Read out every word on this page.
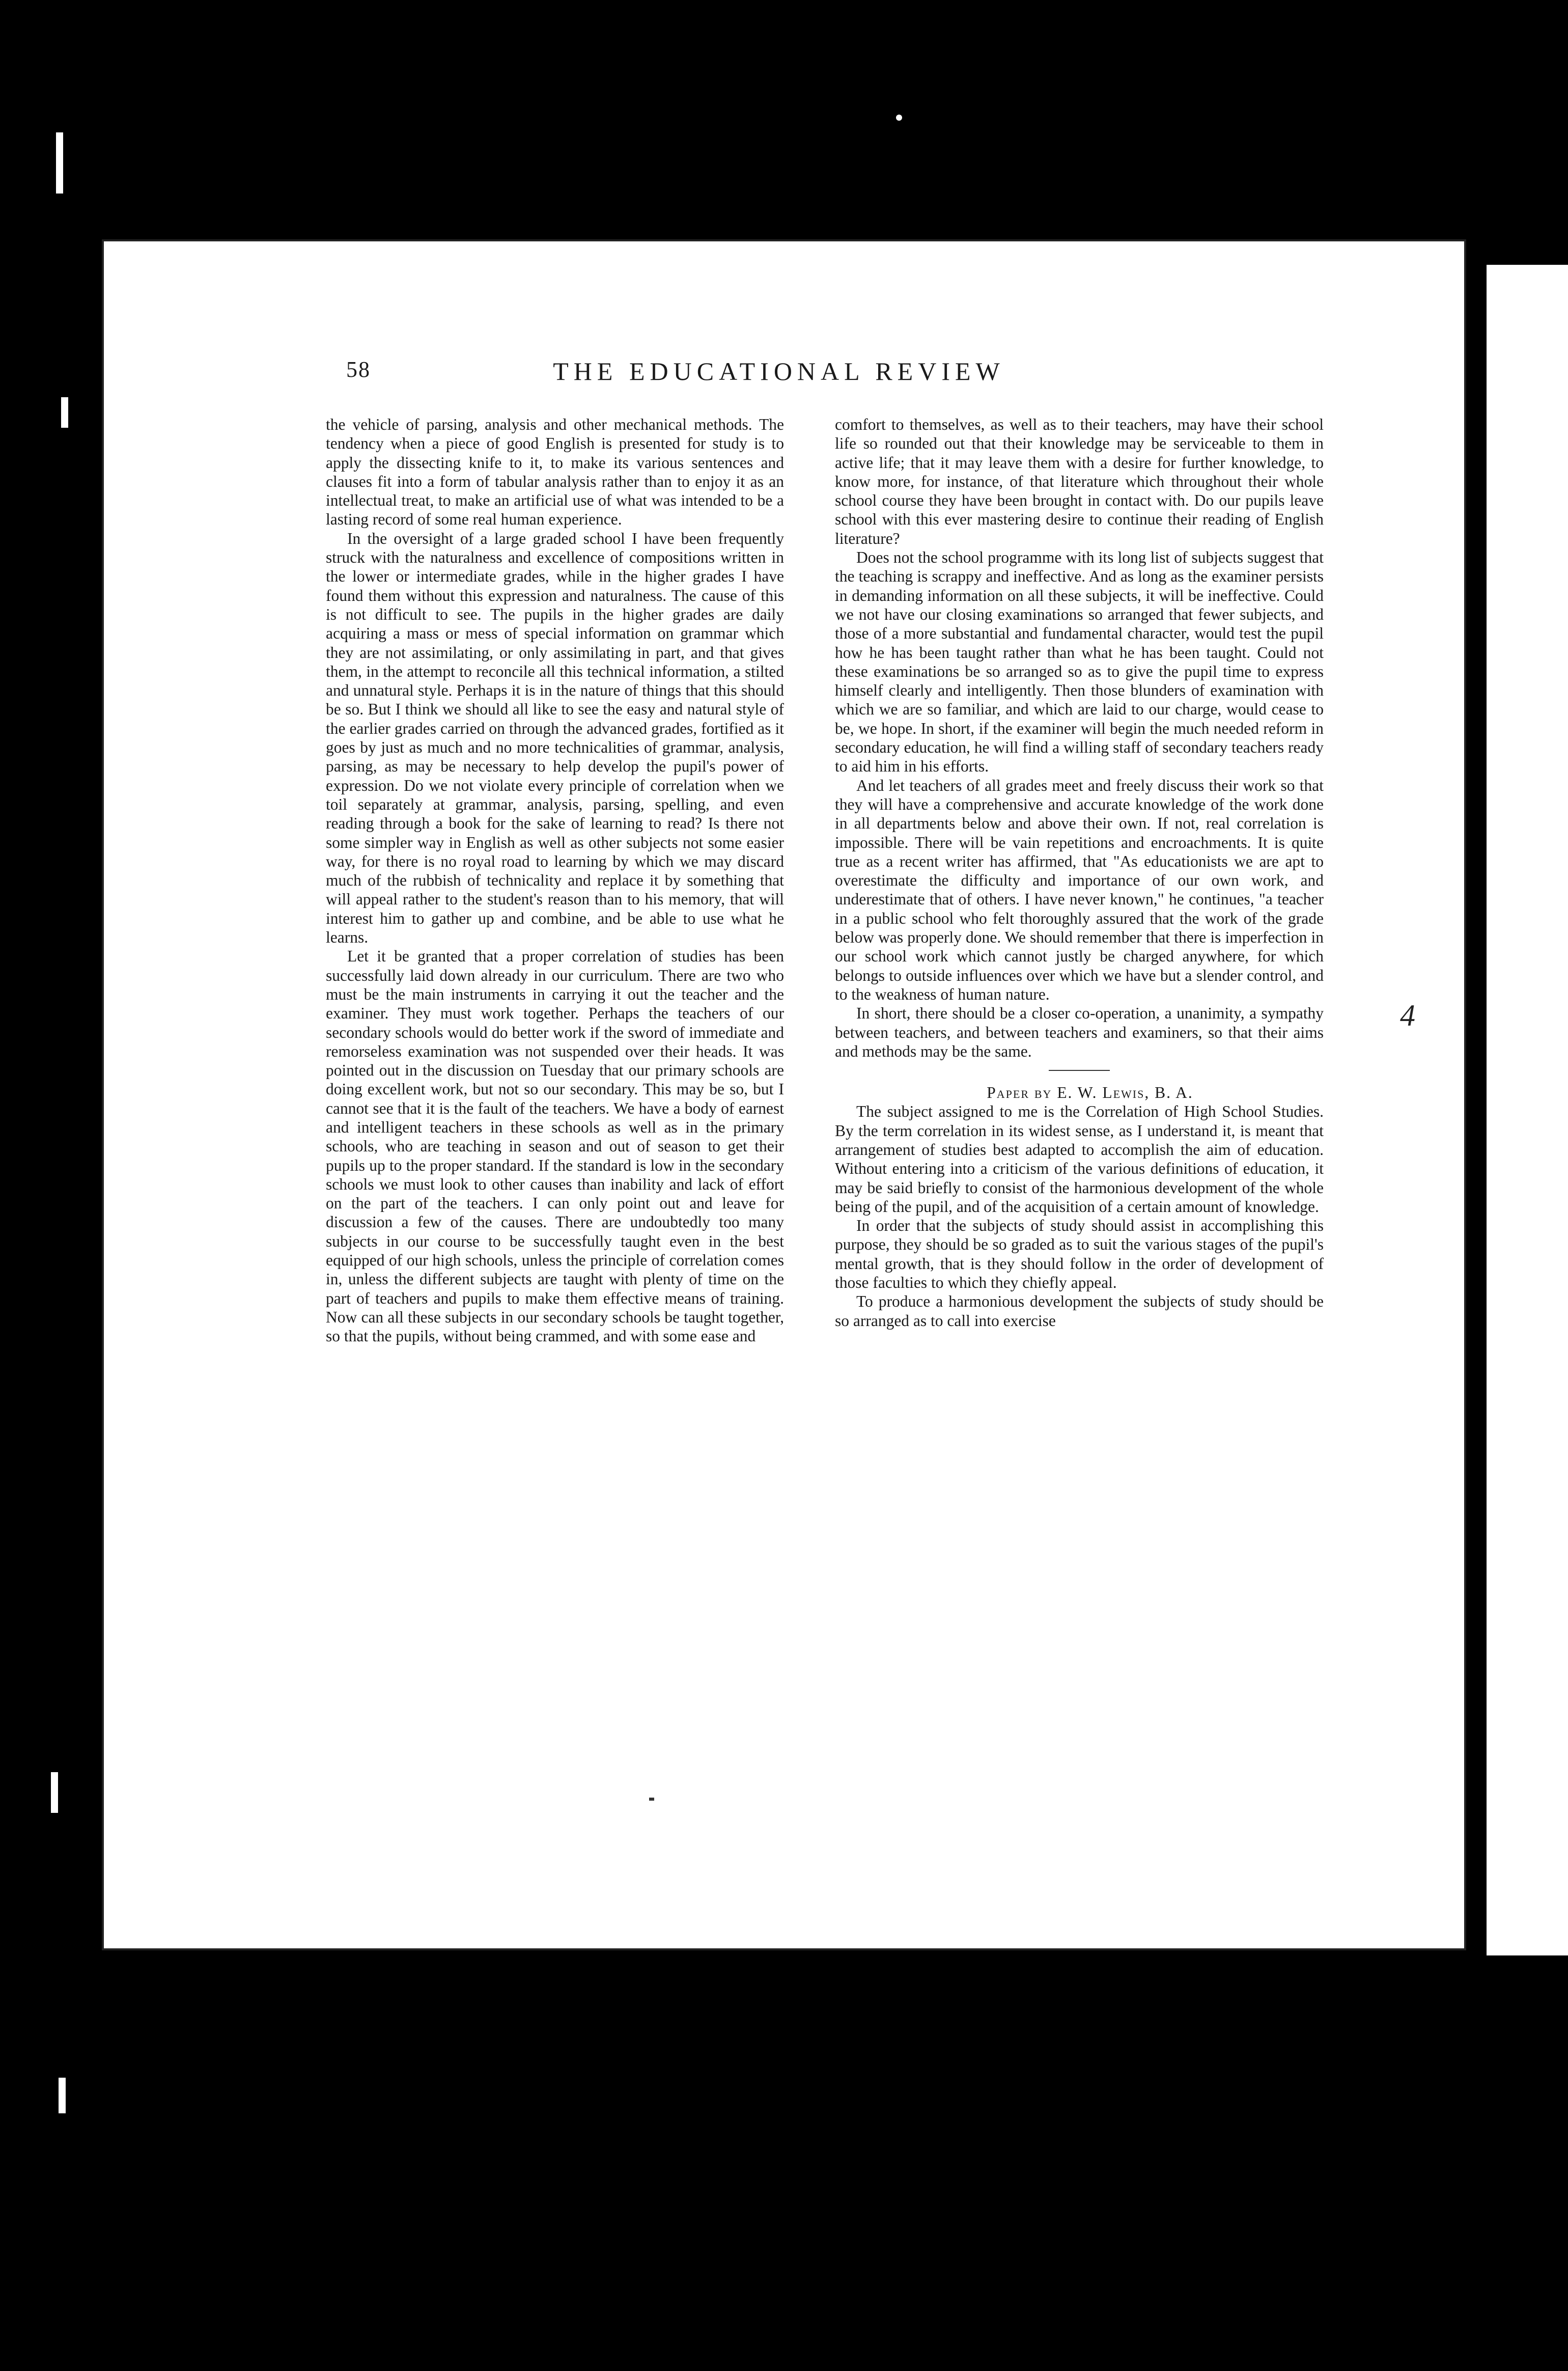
58	THE EDUCATIONAL REVIEW
4

the vehicle of parsing, analysis and other mechanical methods. The tendency when a piece of good English is presented for study is to apply the dissecting knife to it, to make its various sentences and clauses fit into a form of tabular analysis rather than to enjoy it as an intellectual treat, to make an artificial use of what was intended to be a lasting record of some real human experience.

In the oversight of a large graded school I have been frequently struck with the naturalness and excellence of compositions written in the lower or intermediate grades, while in the higher grades I have found them without this expression and naturalness. The cause of this is not difficult to see. The pupils in the higher grades are daily acquiring a mass or mess of special information on grammar which they are not assimilating, or only assimilating in part, and that gives them, in the attempt to reconcile all this technical information, a stilted and unnatural style. Perhaps it is in the nature of things that this should be so. But I think we should all like to see the easy and natural style of the earlier grades carried on through the advanced grades, fortified as it goes by just as much and no more technicalities of grammar, analysis, parsing, as may be necessary to help develop the pupil's power of expression. Do we not violate every principle of correlation when we toil separately at grammar, analysis, parsing, spelling, and even reading through a book for the sake of learning to read? Is there not some simpler way in English as well as other subjects not some easier way, for there is no royal road to learning by which we may discard much of the rubbish of technicality and replace it by something that will appeal rather to the student's reason than to his memory, that will interest him to gather up and combine, and be able to use what he learns.

Let it be granted that a proper correlation of studies has been successfully laid down already in our curriculum. There are two who must be the main instruments in carrying it out the teacher and the examiner. They must work together. Perhaps the teachers of our secondary schools would do better work if the sword of immediate and remorseless examination was not suspended over their heads. It was pointed out in the discussion on Tuesday that our primary schools are doing excellent work, but not so our secondary. This may be so, but I cannot see that it is the fault of the teachers. We have a body of earnest and intelligent teachers in these schools as well as in the primary schools, who are teaching in season and out of season to get their pupils up to the proper standard. If the standard is low in the secondary schools we must look to other causes than inability and lack of effort on the part of the teachers. I can only point out and leave for discussion a few of the causes. There are undoubtedly too many subjects in our course to be successfully taught even in the best equipped of our high schools, unless the principle of correlation comes in, unless the different subjects are taught with plenty of time on the part of teachers and pupils to make them effective means of training. Now can all these subjects in our secondary schools be taught together, so that the pupils, without being crammed, and with some ease and

comfort to themselves, as well as to their teachers, may have their school life so rounded out that their knowledge may be serviceable to them in active life; that it may leave them with a desire for further knowledge, to know more, for instance, of that literature which throughout their whole school course they have been brought in contact with. Do our pupils leave school with this ever mastering desire to continue their reading of English literature?

Does not the school programme with its long list of subjects suggest that the teaching is scrappy and ineffective. And as long as the examiner persists in demanding information on all these subjects, it will be ineffective. Could we not have our closing examinations so arranged that fewer subjects, and those of a more substantial and fundamental character, would test the pupil how he has been taught rather than what he has been taught. Could not these examinations be so arranged so as to give the pupil time to express himself clearly and intelligently. Then those blunders of examination with which we are so familiar, and which are laid to our charge, would cease to be, we hope. In short, if the examiner will begin the much needed reform in secondary education, he will find a willing staff of secondary teachers ready to aid him in his efforts.

And let teachers of all grades meet and freely discuss their work so that they will have a comprehensive and accurate knowledge of the work done in all departments below and above their own. If not, real correlation is impossible. There will be vain repetitions and encroachments. It is quite true as a recent writer has affirmed, that "As educationists we are apt to overestimate the difficulty and importance of our own work, and underestimate that of others. I have never known," he continues, "a teacher in a public school who felt thoroughly assured that the work of the grade below was properly done. We should remember that there is imperfection in our school work which cannot justly be charged anywhere, for which belongs to outside influences over which we have but a slender control, and to the weakness of human nature.

In short, there should be a closer co-operation, a unanimity, a sympathy between teachers, and between teachers and examiners, so that their aims and methods may be the same.

Paper by E. W. Lewis, B. A.

The subject assigned to me is the Correlation of High School Studies. By the term correlation in its widest sense, as I understand it, is meant that arrangement of studies best adapted to accomplish the aim of education. Without entering into a criticism of the various definitions of education, it may be said briefly to consist of the harmonious development of the whole being of the pupil, and of the acquisition of a certain amount of knowledge.

In order that the subjects of study should assist in accomplishing this purpose, they should be so graded as to suit the various stages of the pupil's mental growth, that is they should follow in the order of development of those faculties to which they chiefly appeal.

To produce a harmonious development the subjects of study should be so arranged as to call into exercise
